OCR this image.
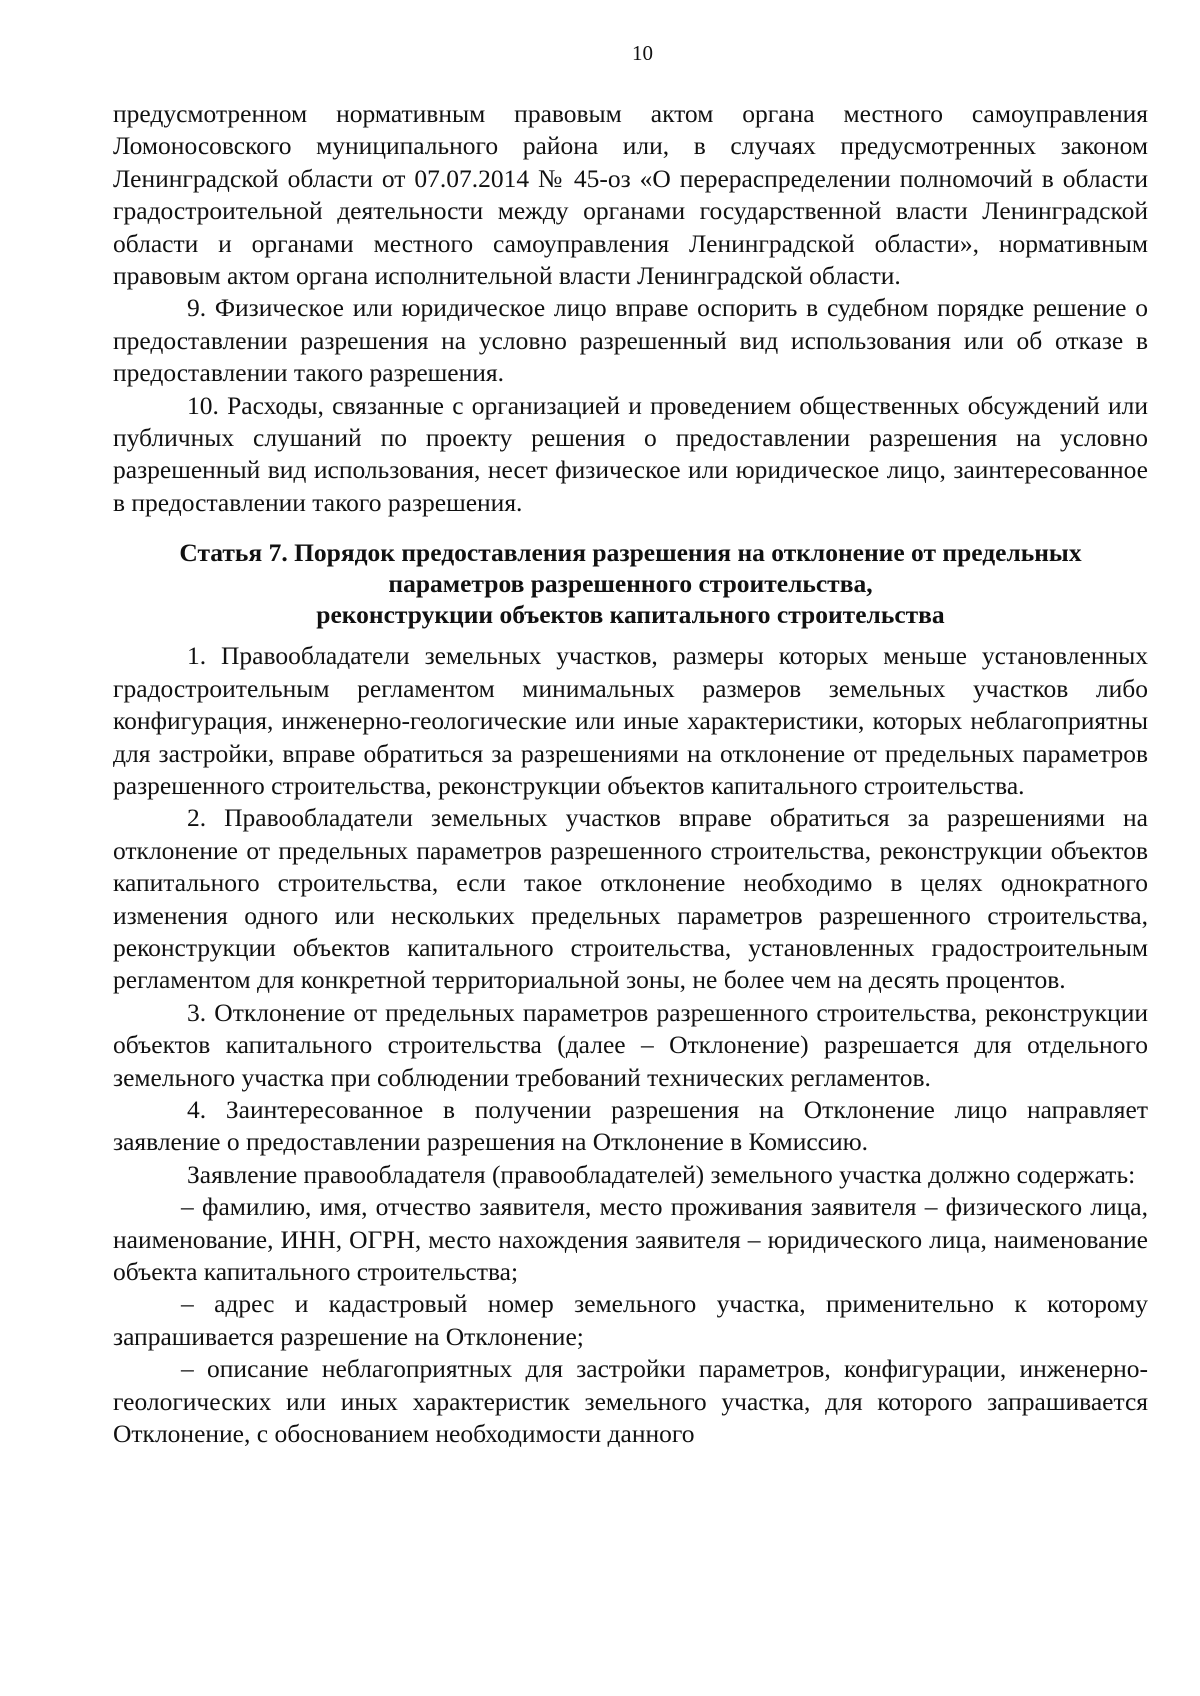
10

предусмотренном нормативным правовым актом органа местного самоуправления Ломоносовского муниципального района или, в случаях предусмотренных законом Ленинградской области от 07.07.2014 № 45-оз «О перераспределении полномочий в области градостроительной деятельности между органами государственной власти Ленинградской области и органами местного самоуправления Ленинградской области», нормативным правовым актом органа исполнительной власти Ленинградской области.

9. Физическое или юридическое лицо вправе оспорить в судебном порядке решение о предоставлении разрешения на условно разрешенный вид использования или об отказе в предоставлении такого разрешения.

10. Расходы, связанные с организацией и проведением общественных обсуждений или публичных слушаний по проекту решения о предоставлении разрешения на условно разрешенный вид использования, несет физическое или юридическое лицо, заинтересованное в предоставлении такого разрешения.

Статья 7. Порядок предоставления разрешения на отклонение от предельных
параметров разрешенного строительства,
реконструкции объектов капитального строительства

1. Правообладатели земельных участков, размеры которых меньше установленных градостроительным регламентом минимальных размеров земельных участков либо конфигурация, инженерно-геологические или иные характеристики, которых неблагоприятны для застройки, вправе обратиться за разрешениями на отклонение от предельных параметров разрешенного строительства, реконструкции объектов капитального строительства.

2. Правообладатели земельных участков вправе обратиться за разрешениями на отклонение от предельных параметров разрешенного строительства, реконструкции объектов капитального строительства, если такое отклонение необходимо в целях однократного изменения одного или нескольких предельных параметров разрешенного строительства, реконструкции объектов капитального строительства, установленных градостроительным регламентом для конкретной территориальной зоны, не более чем на десять процентов.

3. Отклонение от предельных параметров разрешенного строительства, реконструкции объектов капитального строительства (далее – Отклонение) разрешается для отдельного земельного участка при соблюдении требований технических регламентов.

4. Заинтересованное в получении разрешения на Отклонение лицо направляет заявление о предоставлении разрешения на Отклонение в Комиссию.

Заявление правообладателя (правообладателей) земельного участка должно содержать:

– фамилию, имя, отчество заявителя, место проживания заявителя – физического лица, наименование, ИНН, ОГРН, место нахождения заявителя – юридического лица, наименование объекта капитального строительства;

– адрес и кадастровый номер земельного участка, применительно к которому запрашивается разрешение на Отклонение;

– описание неблагоприятных для застройки параметров, конфигурации, инженерно-геологических или иных характеристик земельного участка, для которого запрашивается Отклонение, с обоснованием необходимости данного
